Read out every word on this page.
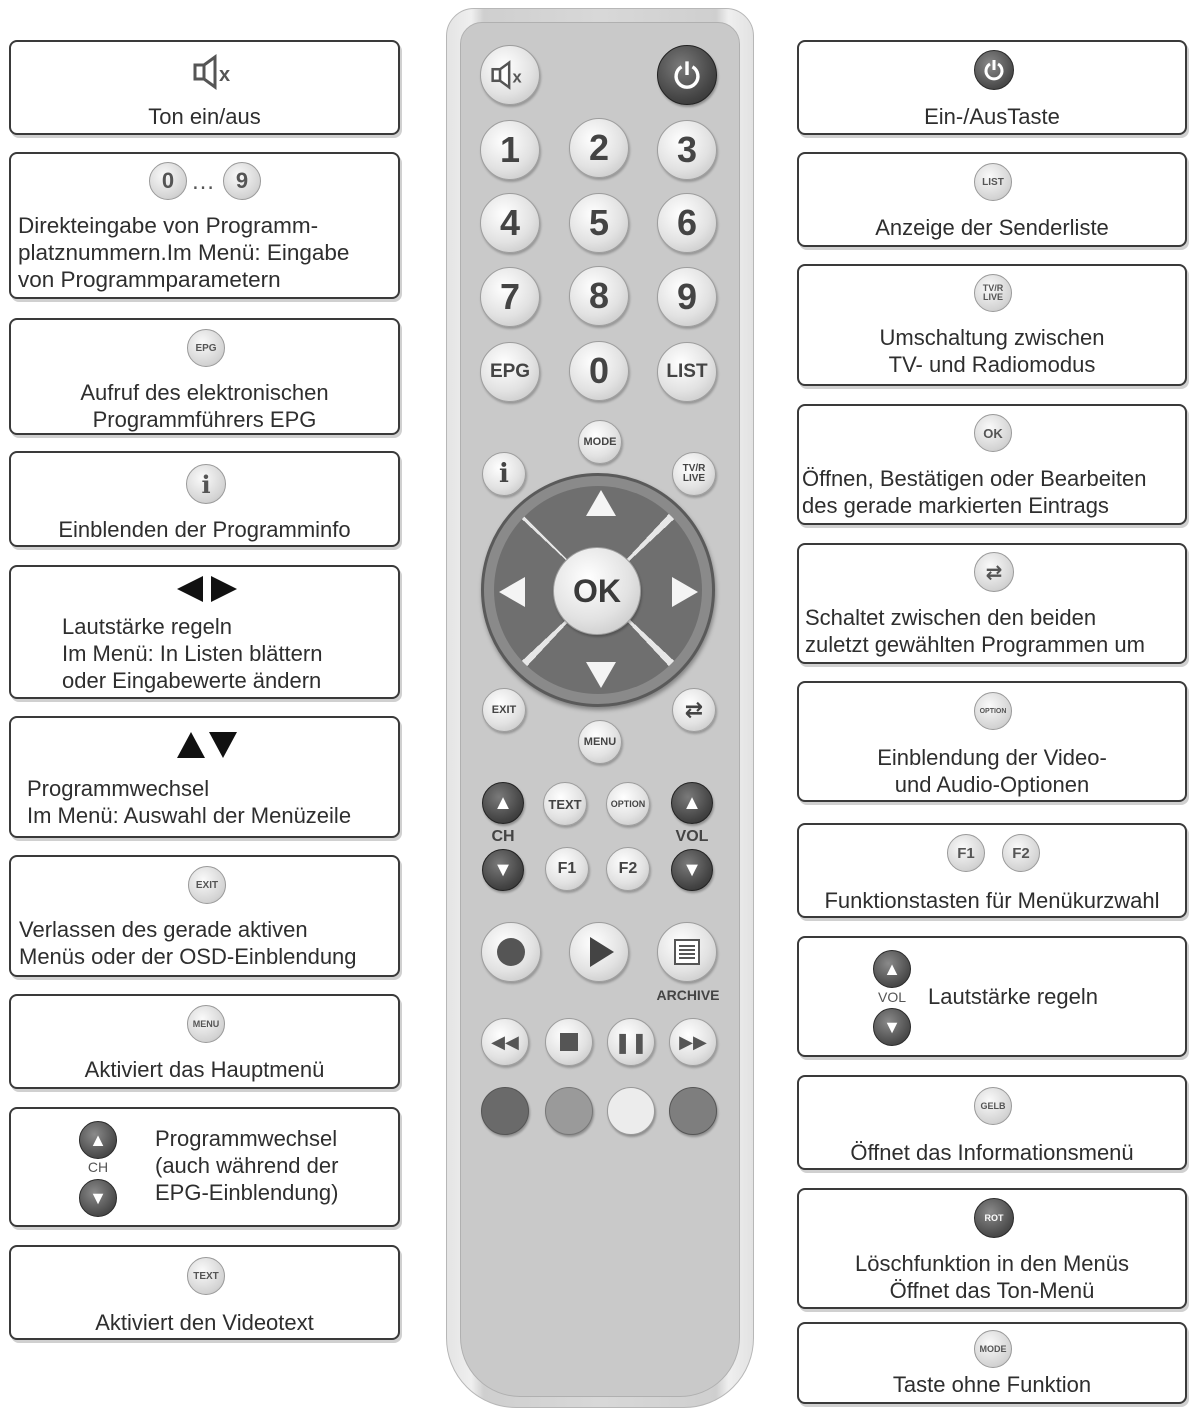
x
Ton ein/aus
0 … 9
Direkteingabe von Programm-
platznummern.Im Menü: Eingabe
von Programmparametern
EPG
Aufruf des elektronischen
Programmführers EPG
i
Einblenden der Programminfo
Lautstärke regeln
Im Menü: In Listen blättern
oder Eingabewerte ändern
Programmwechsel
Im Menü: Auswahl der Menüzeile
EXIT
Verlassen des gerade aktiven
Menüs oder der OSD-Einblendung
MENU
Aktiviert das Hauptmenü
▲
CH
▼
Programmwechsel
(auch während der
EPG-Einblendung)
TEXT
Aktiviert den Videotext
Ein-/AusTaste
LIST
Anzeige der Senderliste
TV/R
LIVE
Umschaltung zwischen
TV- und Radiomodus
OK
Öffnen, Bestätigen oder Bearbeiten
des gerade markierten Eintrags
⇄
Schaltet zwischen den beiden
zuletzt gewählten Programmen um
OPTION
Einblendung der Video-
und Audio-Optionen
F1	F2
Funktionstasten für Menükurzwahl
▲
VOL
▼
Lautstärke regeln
GELB
Öffnet das Informationsmenü
ROT
Löschfunktion in den Menüs
Öffnet das Ton-Menü
MODE
Taste ohne Funktion
x
1	2	3
4	5	6
7	8	9
EPG	0	LIST
MODE
i	TV/R
LIVE
OK
EXIT
MENU
⇄
▲
CH
▼
TEXT	OPTION	▲
VOL
▼
F1	F2
ARCHIVE
◀◀	❚❚	▶▶
